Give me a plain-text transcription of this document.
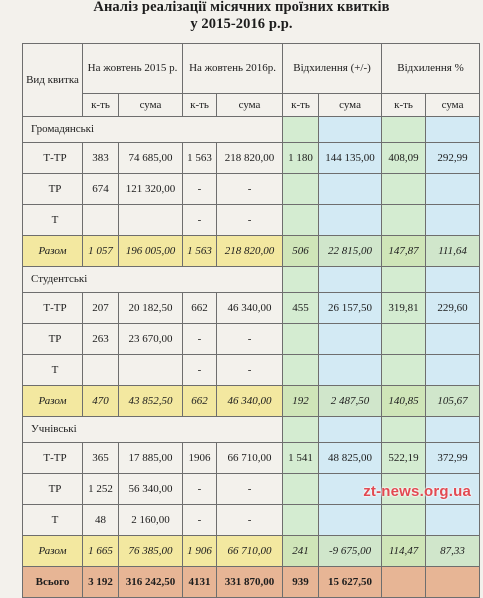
Аналіз реалізації місячних проїзних квитків
у 2015-2016 р.р.
Вид квитка	На жовтень 2015 р.		На жовтень 2016р.		Відхилення (+/-)		Відхилення %	
	к-ть	сума	к-ть	сума	к-ть	сума	к-ть	сума
Громадянські								
Т-ТР	383	74 685,00	1 563	218 820,00	1 180	144 135,00	408,09	292,99
ТР	674	121 320,00	-	-				
Т			-	-				
Разом	1 057	196 005,00	1 563	218 820,00	506	22 815,00	147,87	111,64
Студентські								
Т-ТР	207	20 182,50	662	46 340,00	455	26 157,50	319,81	229,60
ТР	263	23 670,00	-	-				
Т			-	-				
Разом	470	43 852,50	662	46 340,00	192	2 487,50	140,85	105,67
Учнівські								
Т-ТР	365	17 885,00	1906	66 710,00	1 541	48 825,00	522,19	372,99
ТР	1 252	56 340,00	-	-				
Т	48	2 160,00	-	-				
Разом	1 665	76 385,00	1 906	66 710,00	241	-9 675,00	114,47	87,33
Всього	3 192	316 242,50	4131	331 870,00	939	15 627,50		
zt-news.org.ua
